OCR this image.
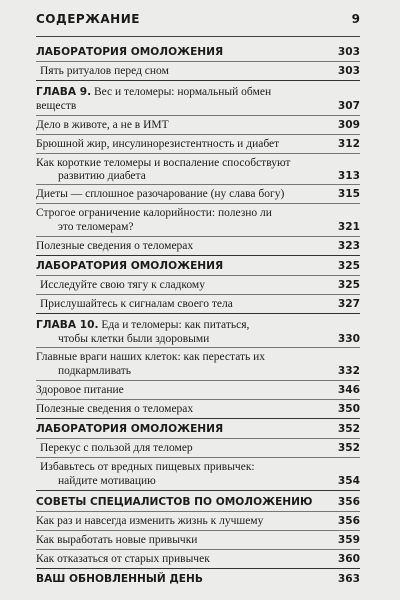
СОДЕРЖАНИЕ	9
ЛАБОРАТОРИЯ ОМОЛОЖЕНИЯ	303
Пять ритуалов перед сном	303
ГЛАВА 9. Вес и теломеры: нормальный обмен
веществ	307
Дело в животе, а не в ИМТ	309
Брюшной жир, инсулинорезистентность и диабет	312
Как короткие теломеры и воспаление способствуют
развитию диабета	313
Диеты — сплошное разочарование (ну слава богу)	315
Строгое ограничение калорийности: полезно ли
это теломерам?	321
Полезные сведения о теломерах	323
ЛАБОРАТОРИЯ ОМОЛОЖЕНИЯ	325
Исследуйте свою тягу к сладкому	325
Прислушайтесь к сигналам своего тела	327
ГЛАВА 10. Еда и теломеры: как питаться,
чтобы клетки были здоровыми	330
Главные враги наших клеток: как перестать их
подкармливать	332
Здоровое питание	346
Полезные сведения о теломерах	350
ЛАБОРАТОРИЯ ОМОЛОЖЕНИЯ	352
Перекус с пользой для теломер	352
Избавьтесь от вредных пищевых привычек:
найдите мотивацию	354
СОВЕТЫ СПЕЦИАЛИСТОВ ПО ОМОЛОЖЕНИЮ	356
Как раз и навсегда изменить жизнь к лучшему	356
Как выработать новые привычки	359
Как отказаться от старых привычек	360
ВАШ ОБНОВЛЕННЫЙ ДЕНЬ	363
